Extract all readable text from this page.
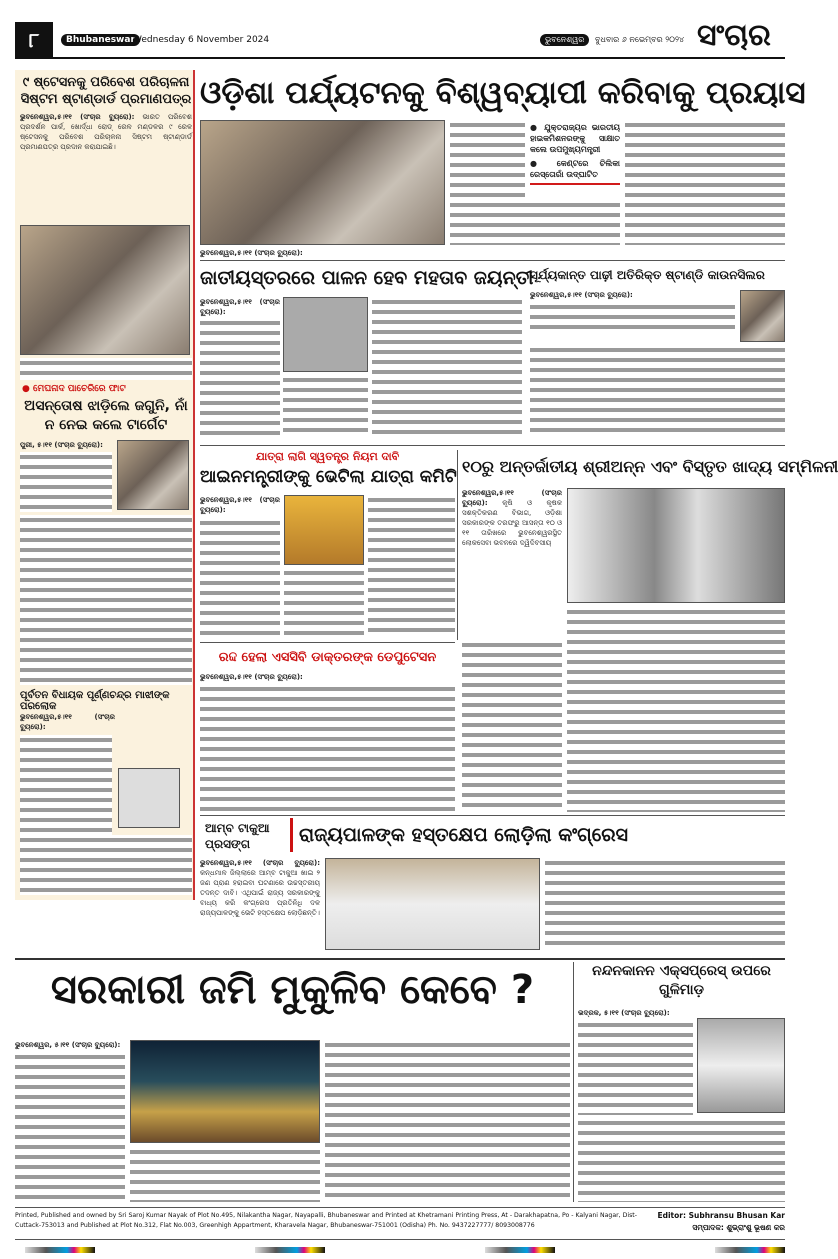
୮	Bhubaneswar
Wednesday 6 November 2024	ଭୁବନେଶ୍ୱର	ବୁଧବାର ୬ ନଭେମ୍ବର ୨୦୨୪ ସଂଚାର
୯ ଷ୍ଟେସନକୁ ପରିବେଶ ପରିଚାଳନା ସିଷ୍ଟମ ଷ୍ଟାଣ୍ଡାର୍ଡ ପ୍ରମାଣପତ୍ର
ଭୁବନେଶ୍ୱର,୫।୧୧ (ସଂଚାର ବ୍ୟୁରୋ): ଭାରତ ପରିବେଶ ପ୍ରଦର୍ଶନ ପାର୍କ, ଖୋର୍ଦ୍ଧା ରୋଡ୍ ରେଳ ମଣ୍ଡଳର ୯ ରେଳ ଷ୍ଟେସନକୁ ପରିବେଶ ପରିଚାଳନା ସିଷ୍ଟମ ଷ୍ଟାଣ୍ଡାର୍ଡ ପ୍ରମାଣପତ୍ର ପ୍ରଦାନ କରାଯାଇଛି।
● ମେଘନାଦ ପାଚେରିରେ ଫାଟ
ଅସନ୍ତୋଷ ଝାଡ଼ିଲେ ଜଗୁନି, ନାଁ ନ ନେଇ କଲେ ଟାର୍ଗେଟ
ପୁରୀ, ୫।୧୧ (ସଂଚାର ବ୍ୟୁରୋ):
ପୂର୍ବତନ ବିଧାୟକ ପୂର୍ଣ୍ଣଚନ୍ଦ୍ର ମାଝୀଙ୍କ ପରଲୋକ
ଭୁବନେଶ୍ୱର,୫।୧୧ (ସଂଚାର ବ୍ୟୁରୋ):
ଓଡ଼ିଶା ପର୍ଯ୍ୟଟନକୁ ବିଶ୍ୱବ୍ୟାପୀ କରିବାକୁ ପ୍ରୟାସ
● ଯୁକ୍ତରାଜ୍ୟର ଭାରତୀୟ ହାଇକମିଶନରଙ୍କୁ ସାକ୍ଷାତ କଲେ ଉପମୁଖ୍ୟମନ୍ତ୍ରୀ
● କେଣ୍ଟରେ ଚିଲିକା ରେସ୍ତୋରାଁ ଉଦ୍‌ଘାଟିତ
ଭୁବନେଶ୍ୱର,୫।୧୧ (ସଂଚାର ବ୍ୟୁରୋ):
ଜାତୀୟସ୍ତରରେ ପାଳନ ହେବ ମହତାବ ଜୟନ୍ତୀ
ଭୁବନେଶ୍ୱର,୫।୧୧ (ସଂଚାର ବ୍ୟୁରୋ):
ସୂର୍ଯ୍ୟକାନ୍ତ ପାଢ଼ୀ ଅତିରିକ୍ତ ଷ୍ଟାଣ୍ଡି କାଉନସିଲର
ଭୁବନେଶ୍ୱର,୫।୧୧ (ସଂଚାର ବ୍ୟୁରୋ):
ଯାତ୍ରା ଲାଗି ସ୍ୱତନ୍ତ୍ର ନିୟମ ଦାବି
ଆଇନମନ୍ତ୍ରୀଙ୍କୁ ଭେଟିଲା ଯାତ୍ରା କମିଟି
ଭୁବନେଶ୍ୱର,୫।୧୧ (ସଂଚାର ବ୍ୟୁରୋ):
୧୦ରୁ ଅନ୍ତର୍ଜାତୀୟ ଶ୍ରୀଅନ୍ନ ଏବଂ ବିସ୍ତୃତ ଖାଦ୍ୟ ସମ୍ମିଳନୀ
ଭୁବନେଶ୍ୱର,୫।୧୧ (ସଂଚାର ବ୍ୟୁରୋ): କୃଷି ଓ କୃଷକ ସଶକ୍ତିକରଣ ବିଭାଗ, ଓଡ଼ିଶା ସରକାରଙ୍କ ତରଫରୁ ଆସନ୍ତା ୧୦ ଓ ୧୧ ତାରିଖରେ ଭୁବନେଶ୍ୱରସ୍ଥିତ ଲୋକସେବା ଭବନରେ ଦ୍ୱିଦିବସୀୟ
ରଦ୍ଦ ହେଲା ଏସସିବି ଡାକ୍ତରଙ୍କ ଡେପୁଟେସନ
ଭୁବନେଶ୍ୱର,୫।୧୧ (ସଂଚାର ବ୍ୟୁରୋ):
ଆମ୍ବ ଟାକୁଆ ପ୍ରସଙ୍ଗ	ରାଜ୍ୟପାଳଙ୍କ ହସ୍ତକ୍ଷେପ ଲୋଡ଼ିଲା କଂଗ୍ରେସ
ଭୁବନେଶ୍ୱର,୫।୧୧ (ସଂଚାର ବ୍ୟୁରୋ): କନ୍ଧମାଳ ଜିଲ୍ଲାରେ ଆମ୍ବ ଟାକୁଆ ଖାଇ ୨ ଜଣ ପ୍ରାଣ ହରାଇବା ଘଟଣାରେ ଉଚ୍ଚସ୍ତରୀୟ ତଦନ୍ତ ଦାବି। ଏଥିପାଇଁ ରାଜ୍ୟ ସରକାରଙ୍କୁ ବାଧ୍ୟ କରି କଂଗ୍ରେସ ପ୍ରତିନିଧି ଦଳ ରାଜ୍ୟପାଳଙ୍କୁ ଭେଟି ହସ୍ତକ୍ଷେପ ଲୋଡ଼ିଛନ୍ତି।
ସରକାରୀ ଜମି ମୁକୁଳିବ କେବେ ?
ଭୁବନେଶ୍ୱର, ୫।୧୧ (ସଂଚାର ବ୍ୟୁରୋ):
ନନ୍ଦନକାନନ ଏକ୍ସପ୍ରେସ୍ ଉପରେ ଗୁଳିମାଡ଼
ଭଦ୍ରକ, ୫।୧୧ (ସଂଚାର ବ୍ୟୁରୋ):
Printed, Published and owned by Sri Saroj Kumar Nayak of Plot No.495, Nilakantha Nagar, Nayapalli, Bhubaneswar and Printed at Khetramani Printing Press, At - Darakhapatna, Po - Kalyani Nagar, Dist-Cuttack-753013 and Published at Plot No.312, Flat No.003, Greenhigh Appartment, Kharavela Nagar, Bhubaneswar-751001 (Odisha) Ph. No. 9437227777/ 8093008776
Editor: Subhransu Bhusan Kar
ସମ୍ପାଦକ: ଶୁଭ୍ରାଂଶୁ ଭୂଷଣ କର
